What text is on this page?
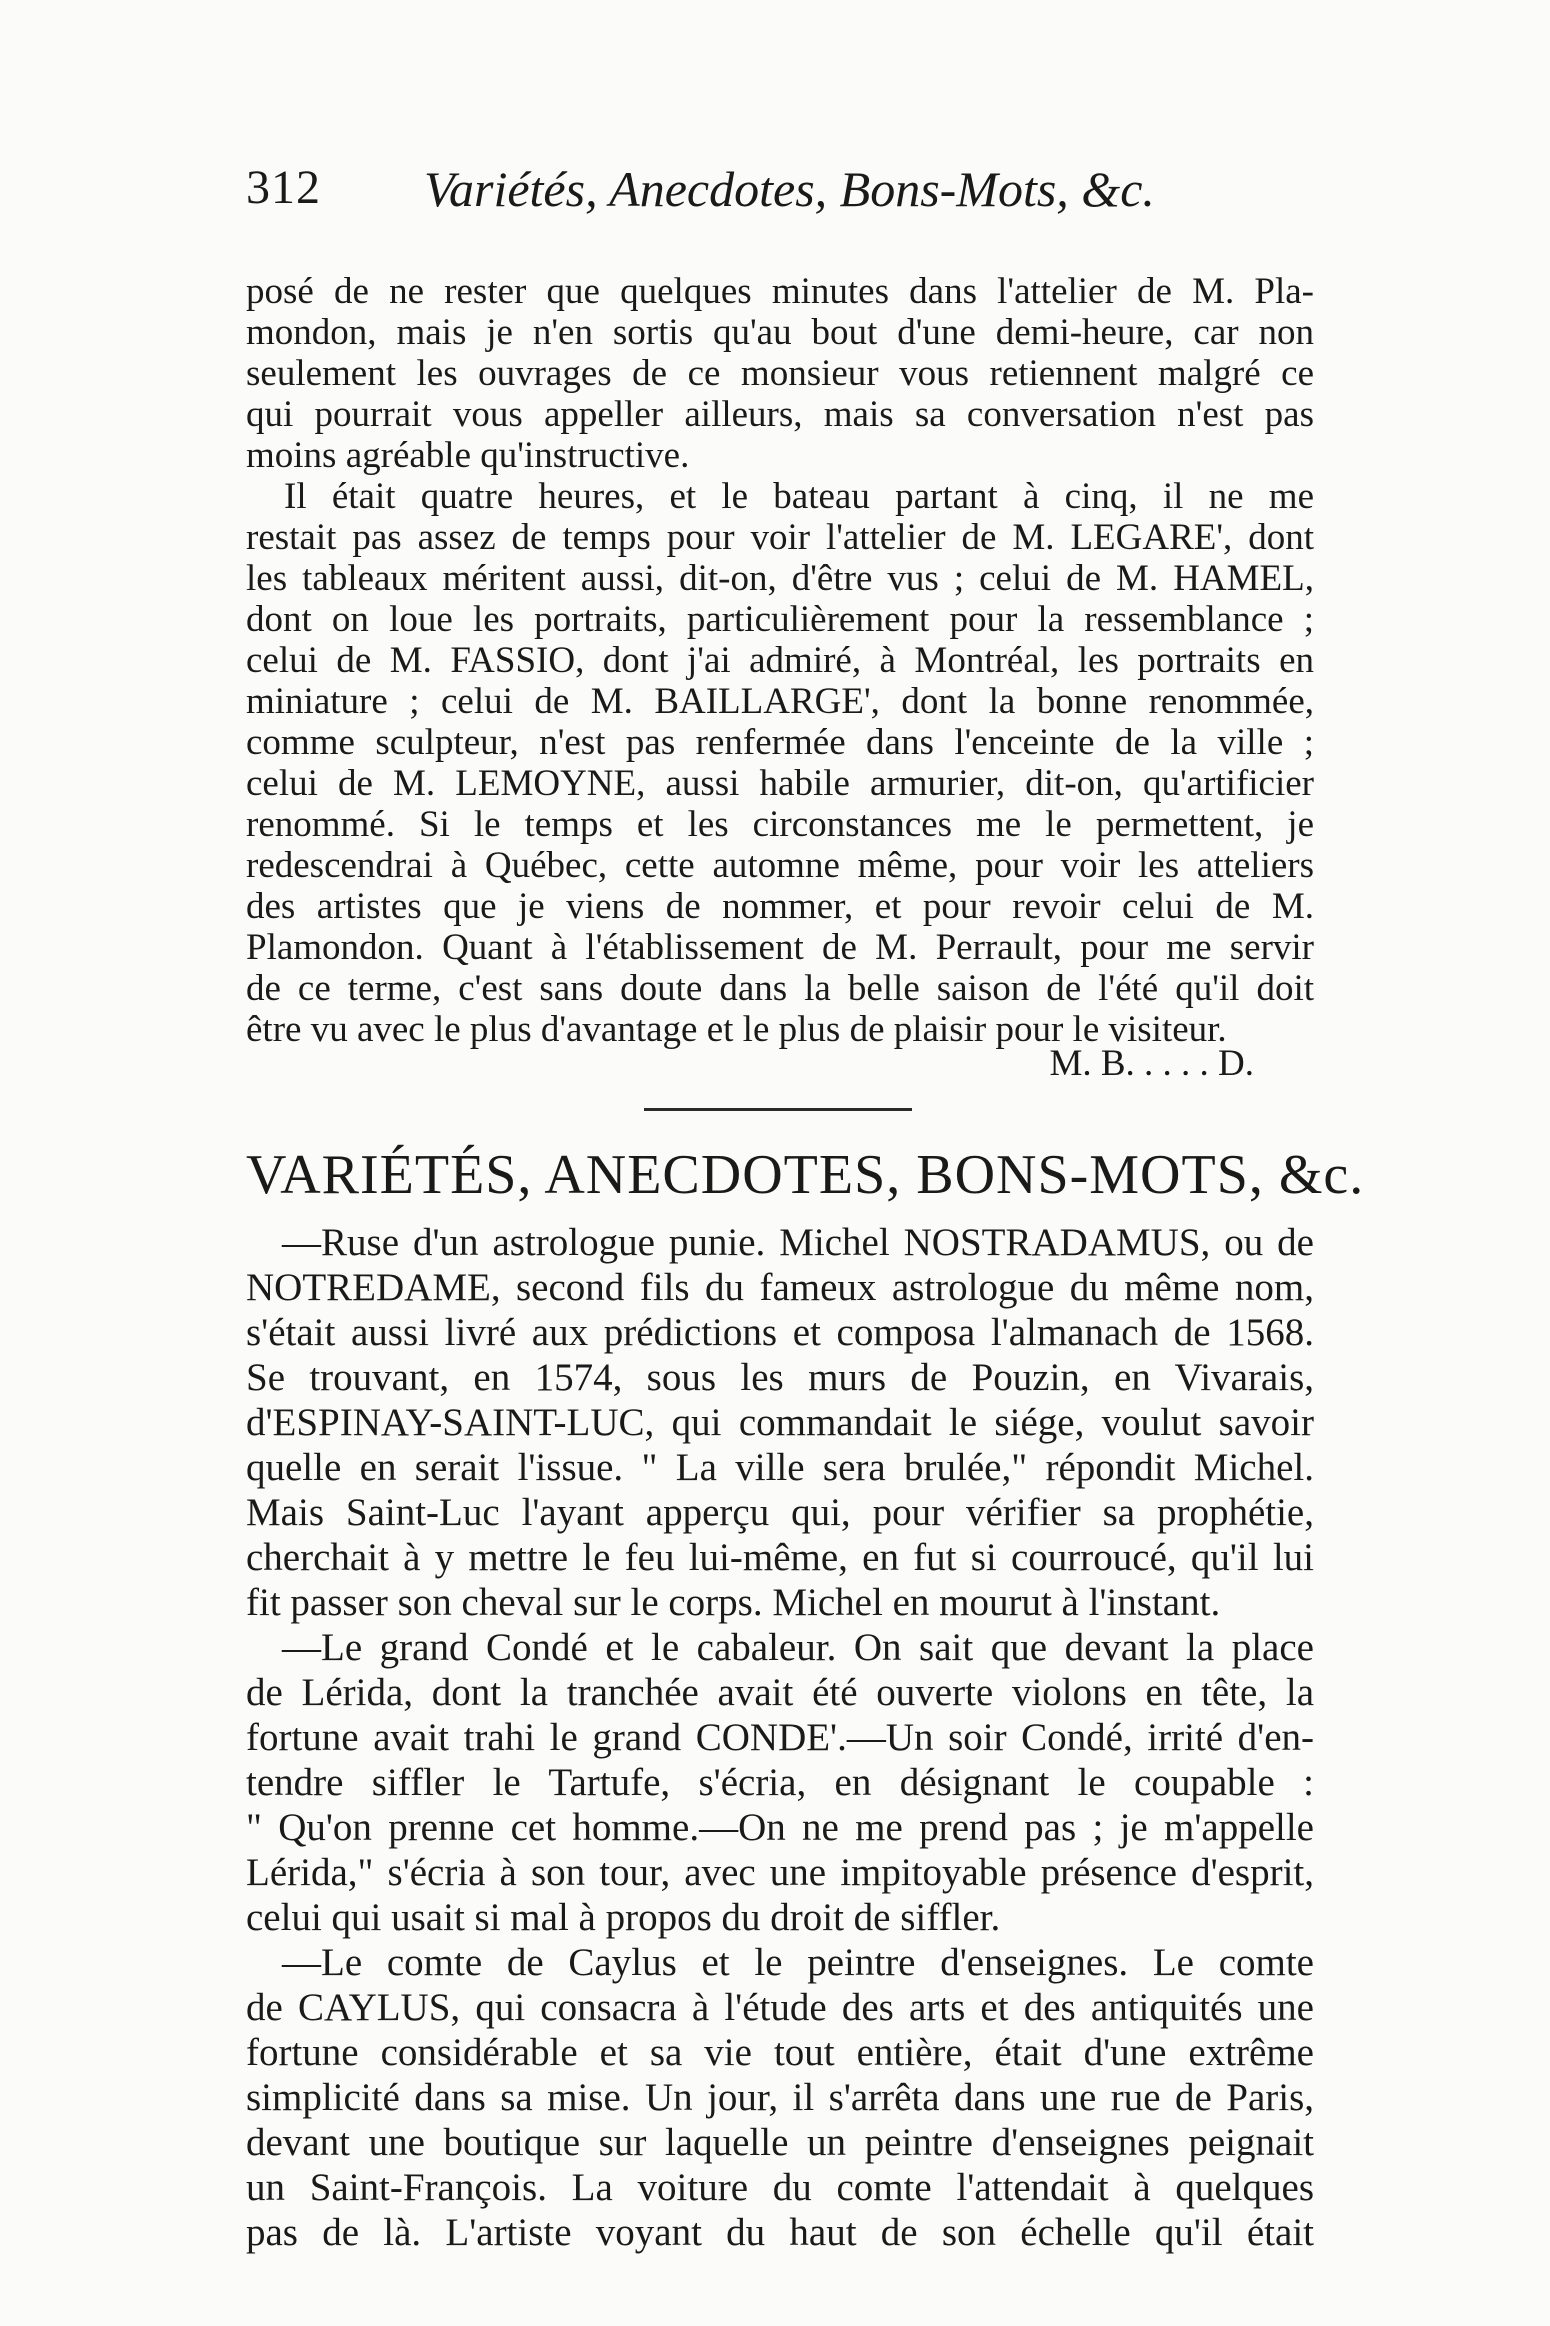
312 Variétés, Anecdotes, Bons-Mots, &c.
posé de ne rester que quelques minutes dans l'attelier de M. Pla-
mondon, mais je n'en sortis qu'au bout d'une demi-heure, car non
seulement les ouvrages de ce monsieur vous retiennent malgré ce
qui pourrait vous appeller ailleurs, mais sa conversation n'est pas
moins agréable qu'instructive.
Il était quatre heures, et le bateau partant à cinq, il ne me
restait pas assez de temps pour voir l'attelier de M. LEGARE', dont
les tableaux méritent aussi, dit-on, d'être vus ; celui de M. HAMEL,
dont on loue les portraits, particulièrement pour la ressemblance ;
celui de M. FASSIO, dont j'ai admiré, à Montréal, les portraits en
miniature ; celui de M. BAILLARGE', dont la bonne renommée,
comme sculpteur, n'est pas renfermée dans l'enceinte de la ville ;
celui de M. LEMOYNE, aussi habile armurier, dit-on, qu'artificier
renommé. Si le temps et les circonstances me le permettent, je
redescendrai à Québec, cette automne même, pour voir les atteliers
des artistes que je viens de nommer, et pour revoir celui de M.
Plamondon. Quant à l'établissement de M. Perrault, pour me servir
de ce terme, c'est sans doute dans la belle saison de l'été qu'il doit
être vu avec le plus d'avantage et le plus de plaisir pour le visiteur.
M. B. . . . . D.
VARIÉTÉS, ANECDOTES, BONS-MOTS, &c.
—Ruse d'un astrologue punie. Michel NOSTRADAMUS, ou de
NOTREDAME, second fils du fameux astrologue du même nom,
s'était aussi livré aux prédictions et composa l'almanach de 1568.
Se trouvant, en 1574, sous les murs de Pouzin, en Vivarais,
d'ESPINAY-SAINT-LUC, qui commandait le siége, voulut savoir
quelle en serait l'issue. " La ville sera brulée," répondit Michel.
Mais Saint-Luc l'ayant apperçu qui, pour vérifier sa prophétie,
cherchait à y mettre le feu lui-même, en fut si courroucé, qu'il lui
fit passer son cheval sur le corps. Michel en mourut à l'instant.
—Le grand Condé et le cabaleur. On sait que devant la place
de Lérida, dont la tranchée avait été ouverte violons en tête, la
fortune avait trahi le grand CONDE'.—Un soir Condé, irrité d'en-
tendre siffler le Tartufe, s'écria, en désignant le coupable :
" Qu'on prenne cet homme.—On ne me prend pas ; je m'appelle
Lérida," s'écria à son tour, avec une impitoyable présence d'esprit,
celui qui usait si mal à propos du droit de siffler.
—Le comte de Caylus et le peintre d'enseignes. Le comte
de CAYLUS, qui consacra à l'étude des arts et des antiquités une
fortune considérable et sa vie tout entière, était d'une extrême
simplicité dans sa mise. Un jour, il s'arrêta dans une rue de Paris,
devant une boutique sur laquelle un peintre d'enseignes peignait
un Saint-François. La voiture du comte l'attendait à quelques
pas de là. L'artiste voyant du haut de son échelle qu'il était
